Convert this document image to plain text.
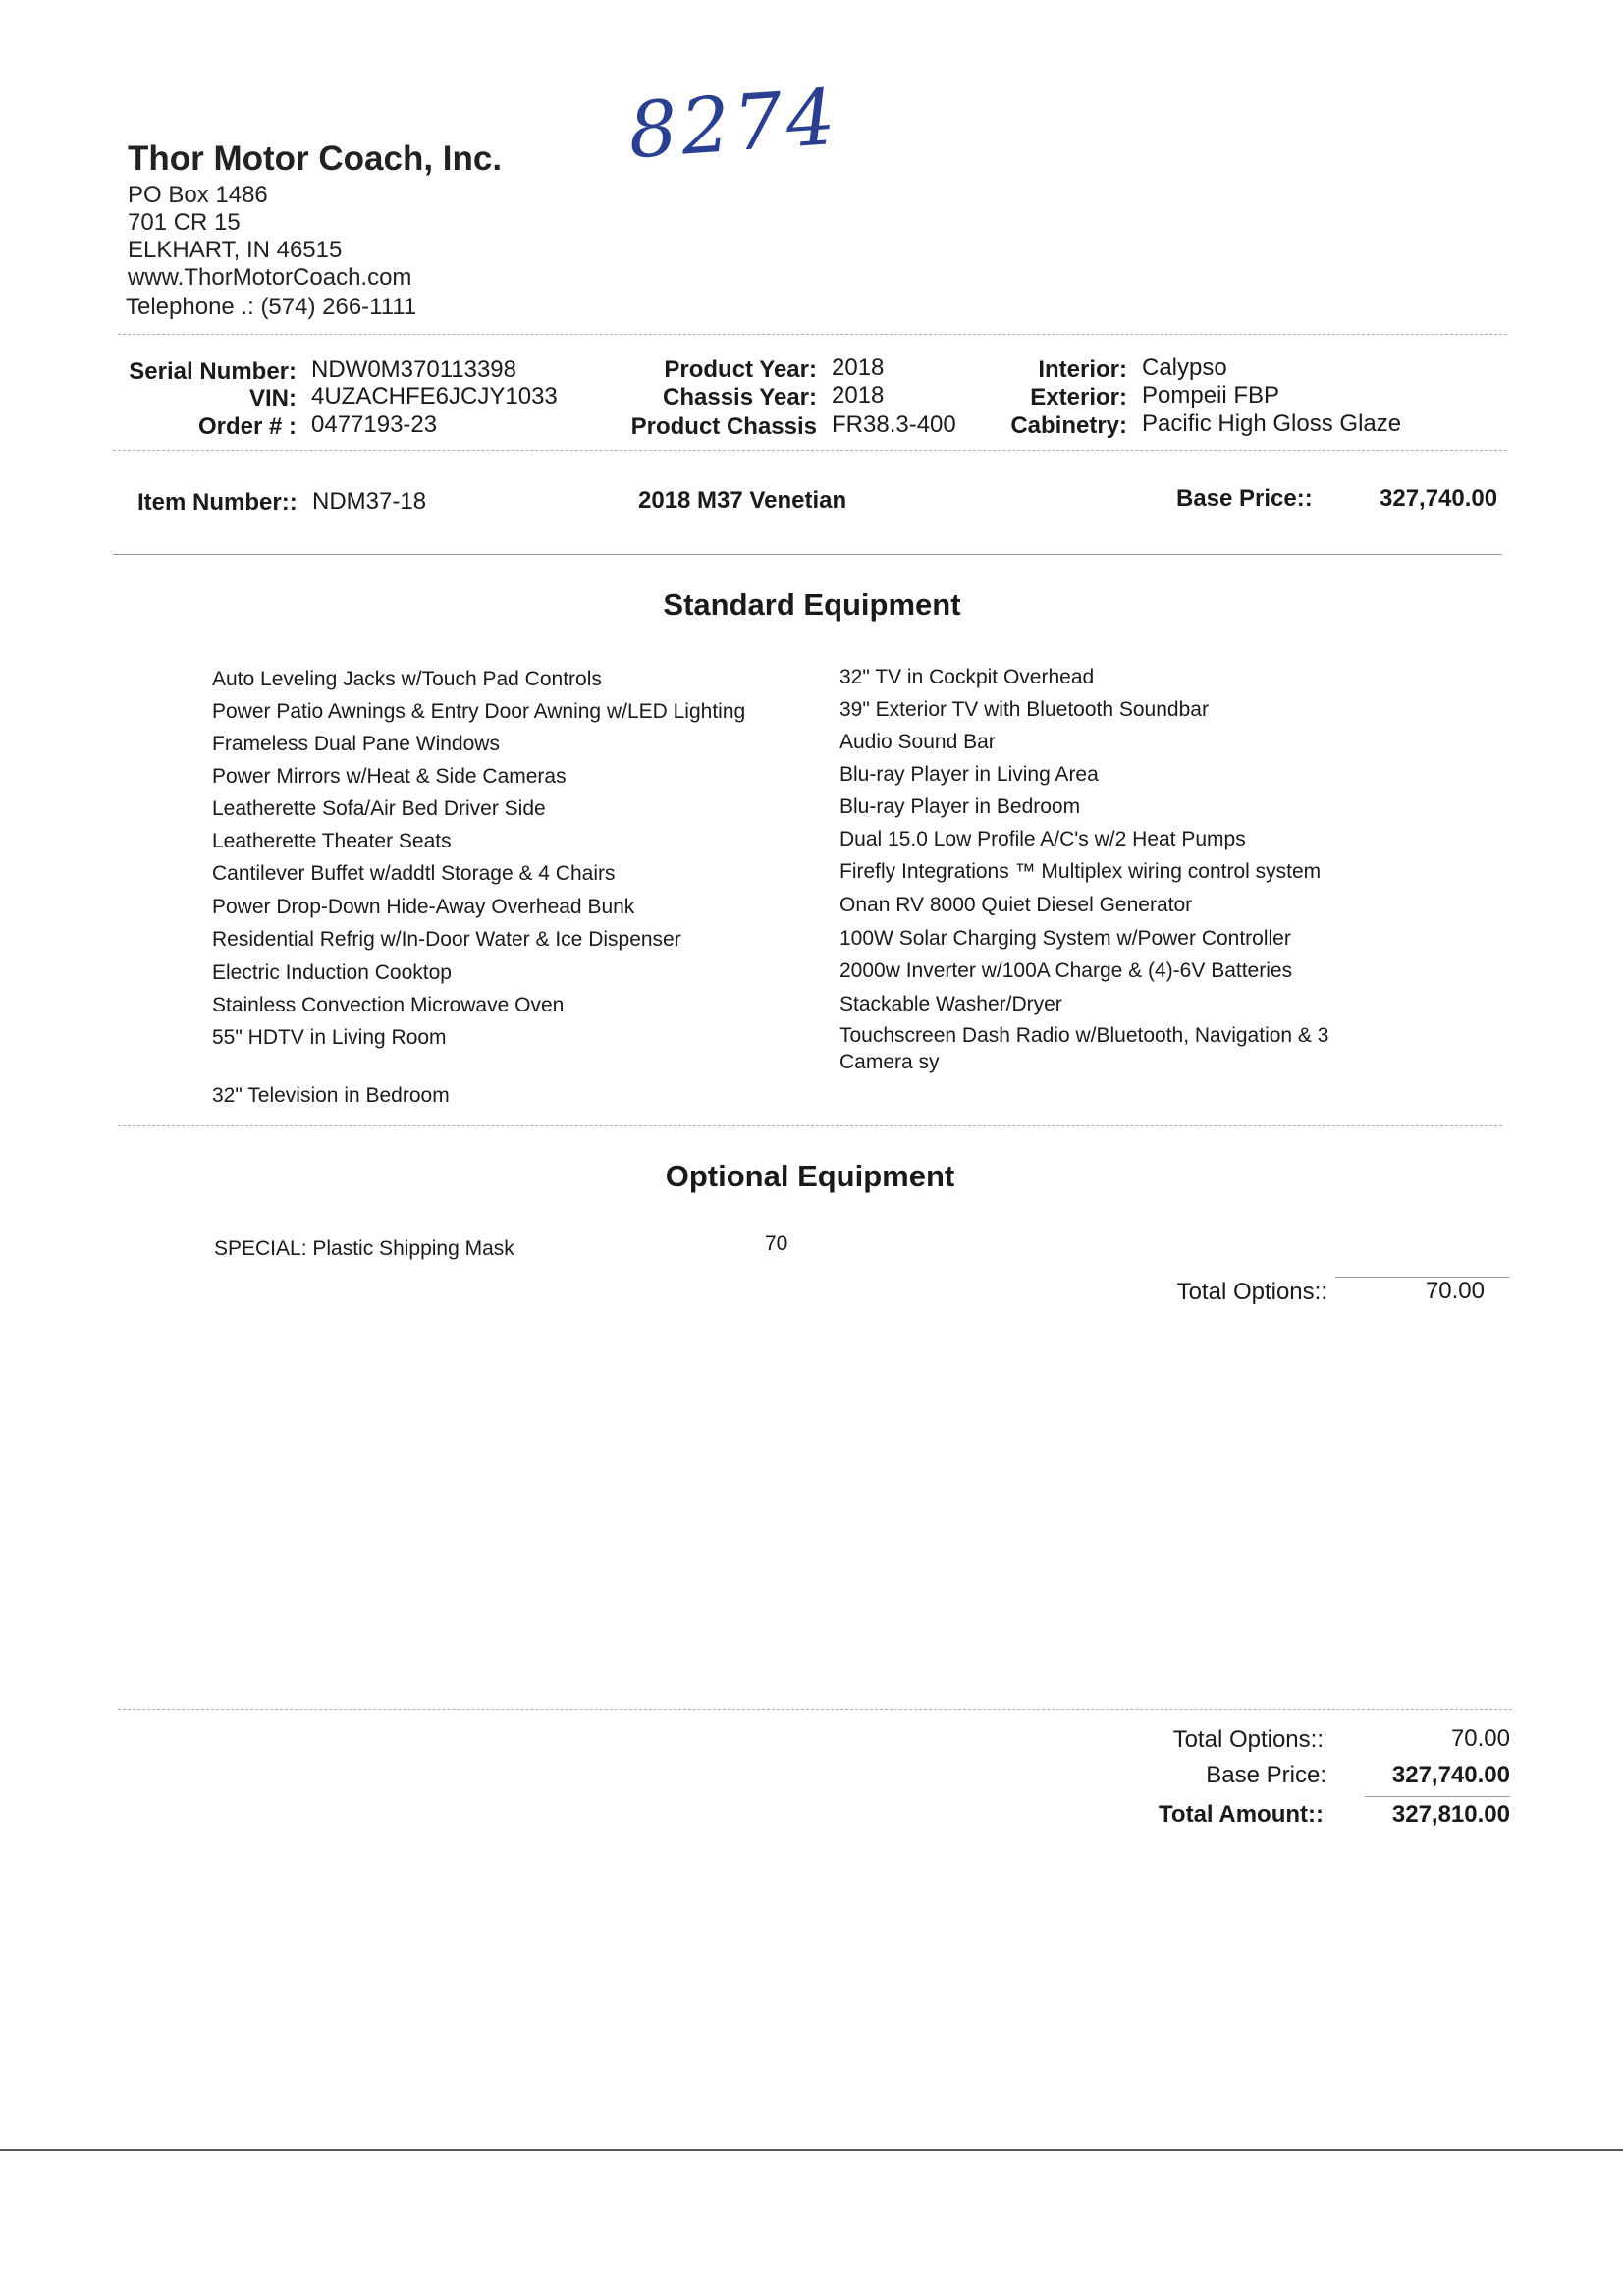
Thor Motor Coach, Inc.
PO Box 1486
701 CR 15
ELKHART, IN 46515
www.ThorMotorCoach.com
Telephone .: (574) 266-1111
8274
Serial Number: NDW0M370113398
VIN: 4UZACHFE6JCJY1033
Order # : 0477193-23
Product Year: 2018
Chassis Year: 2018
Product Chassis FR38.3-400
Interior: Calypso
Exterior: Pompeii FBP
Cabinetry: Pacific High Gloss Glaze
Item Number:: NDM37-18	2018 M37 Venetian	Base Price::	327,740.00
Standard Equipment
Auto Leveling Jacks w/Touch Pad Controls
Power Patio Awnings & Entry Door Awning w/LED Lighting
Frameless Dual Pane Windows
Power Mirrors w/Heat & Side Cameras
Leatherette Sofa/Air Bed Driver Side
Leatherette Theater Seats
Cantilever Buffet w/addtl Storage & 4 Chairs
Power Drop-Down Hide-Away Overhead Bunk
Residential Refrig w/In-Door Water & Ice Dispenser
Electric Induction Cooktop
Stainless Convection Microwave Oven
55" HDTV in Living Room
32" Television in Bedroom
32" TV in Cockpit Overhead
39" Exterior TV with Bluetooth Soundbar
Audio Sound Bar
Blu-ray Player in Living Area
Blu-ray Player in Bedroom
Dual 15.0 Low Profile A/C's w/2 Heat Pumps
Firefly Integrations ™ Multiplex wiring control system
Onan RV 8000 Quiet Diesel Generator
100W Solar Charging System w/Power Controller
2000w Inverter w/100A Charge & (4)-6V Batteries
Stackable Washer/Dryer
Touchscreen Dash Radio w/Bluetooth, Navigation & 3 Camera sy
Optional Equipment
SPECIAL: Plastic Shipping Mask	70
Total Options::	70.00
Total Options::	70.00
Base Price:	327,740.00
Total Amount::	327,810.00
